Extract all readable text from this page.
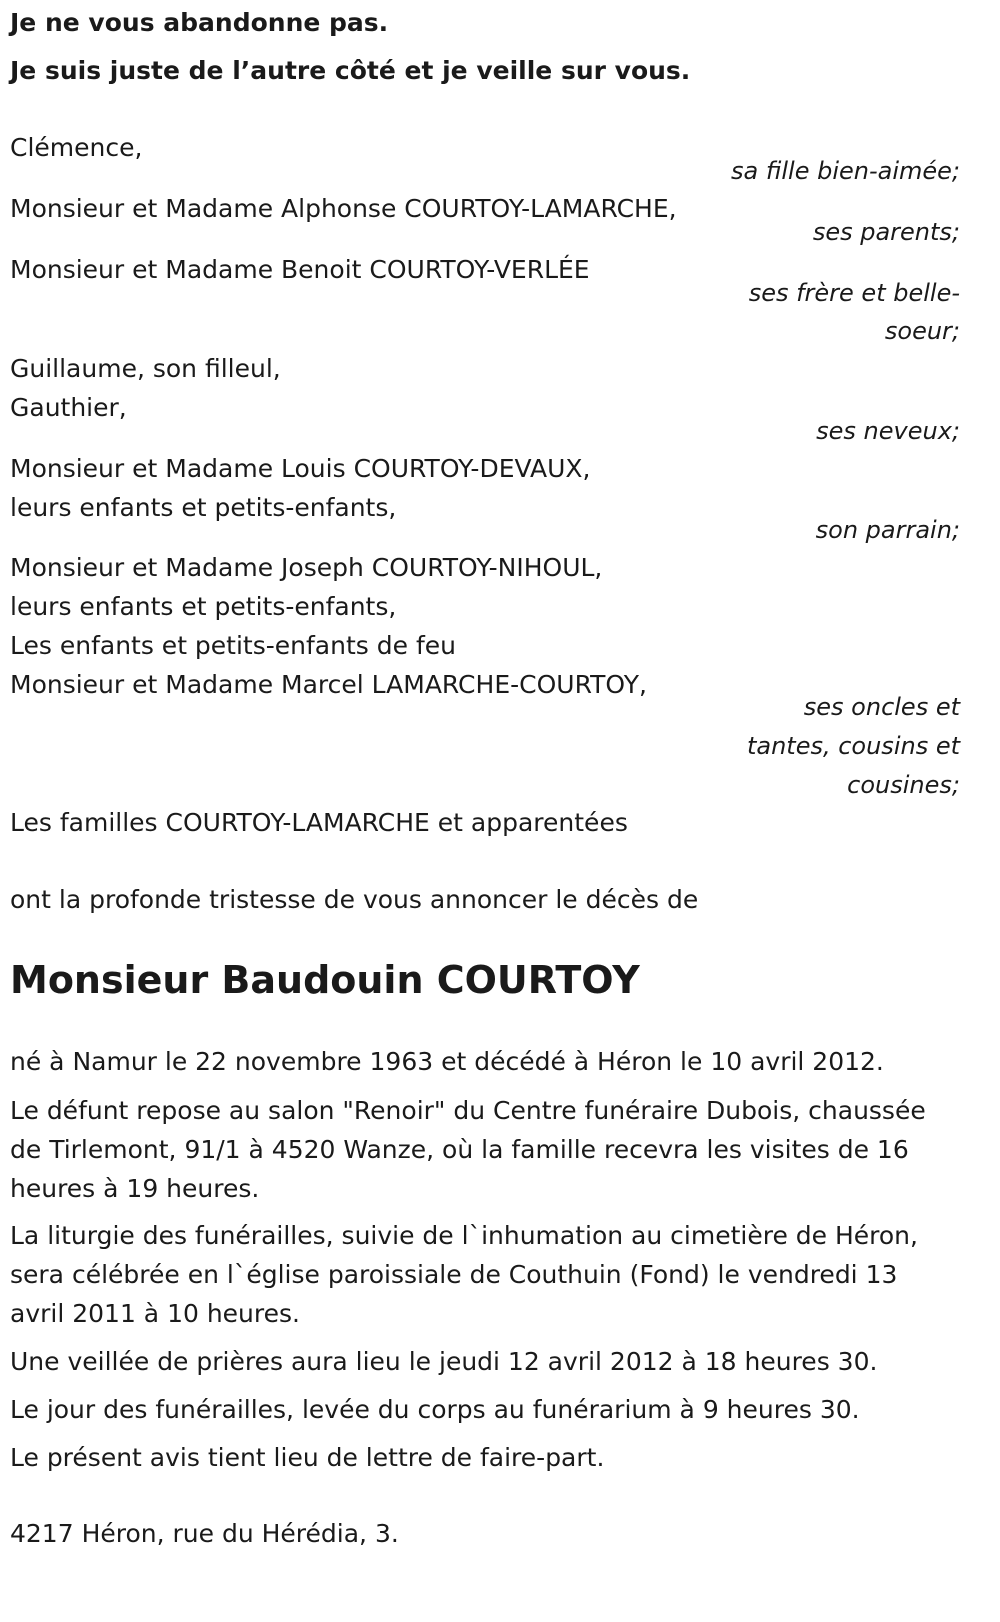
Je ne vous abandonne pas.
Je suis juste de l’autre côté et je veille sur vous.
Clémence,
Monsieur et Madame Alphonse COURTOY-LAMARCHE,
Monsieur et Madame Benoit COURTOY-VERLÉE
Guillaume, son filleul,
Gauthier,
Monsieur et Madame Louis COURTOY-DEVAUX,
leurs enfants et petits-enfants,
Monsieur et Madame Joseph COURTOY-NIHOUL,
leurs enfants et petits-enfants,
Les enfants et petits-enfants de feu
Monsieur et Madame Marcel LAMARCHE-COURTOY,
Les familles COURTOY-LAMARCHE et apparentées
sa fille bien-aimée;
ses parents;
ses frère et belle-
soeur;
ses neveux;
son parrain;
ses oncles et
tantes, cousins et
cousines;
ont la profonde tristesse de vous annoncer le décès de
Monsieur Baudouin COURTOY
né à Namur le 22 novembre 1963 et décédé à Héron le 10 avril 2012.
Le défunt repose au salon "Renoir" du Centre funéraire Dubois, chaussée
de Tirlemont, 91/1 à 4520 Wanze, où la famille recevra les visites de 16
heures à 19 heures.
La liturgie des funérailles, suivie de l`inhumation au cimetière de Héron,
sera célébrée en l`église paroissiale de Couthuin (Fond) le vendredi 13
avril 2011 à 10 heures.
Une veillée de prières aura lieu le jeudi 12 avril 2012 à 18 heures 30.
Le jour des funérailles, levée du corps au funérarium à 9 heures 30.
Le présent avis tient lieu de lettre de faire-part.
4217 Héron, rue du Hérédia, 3.
